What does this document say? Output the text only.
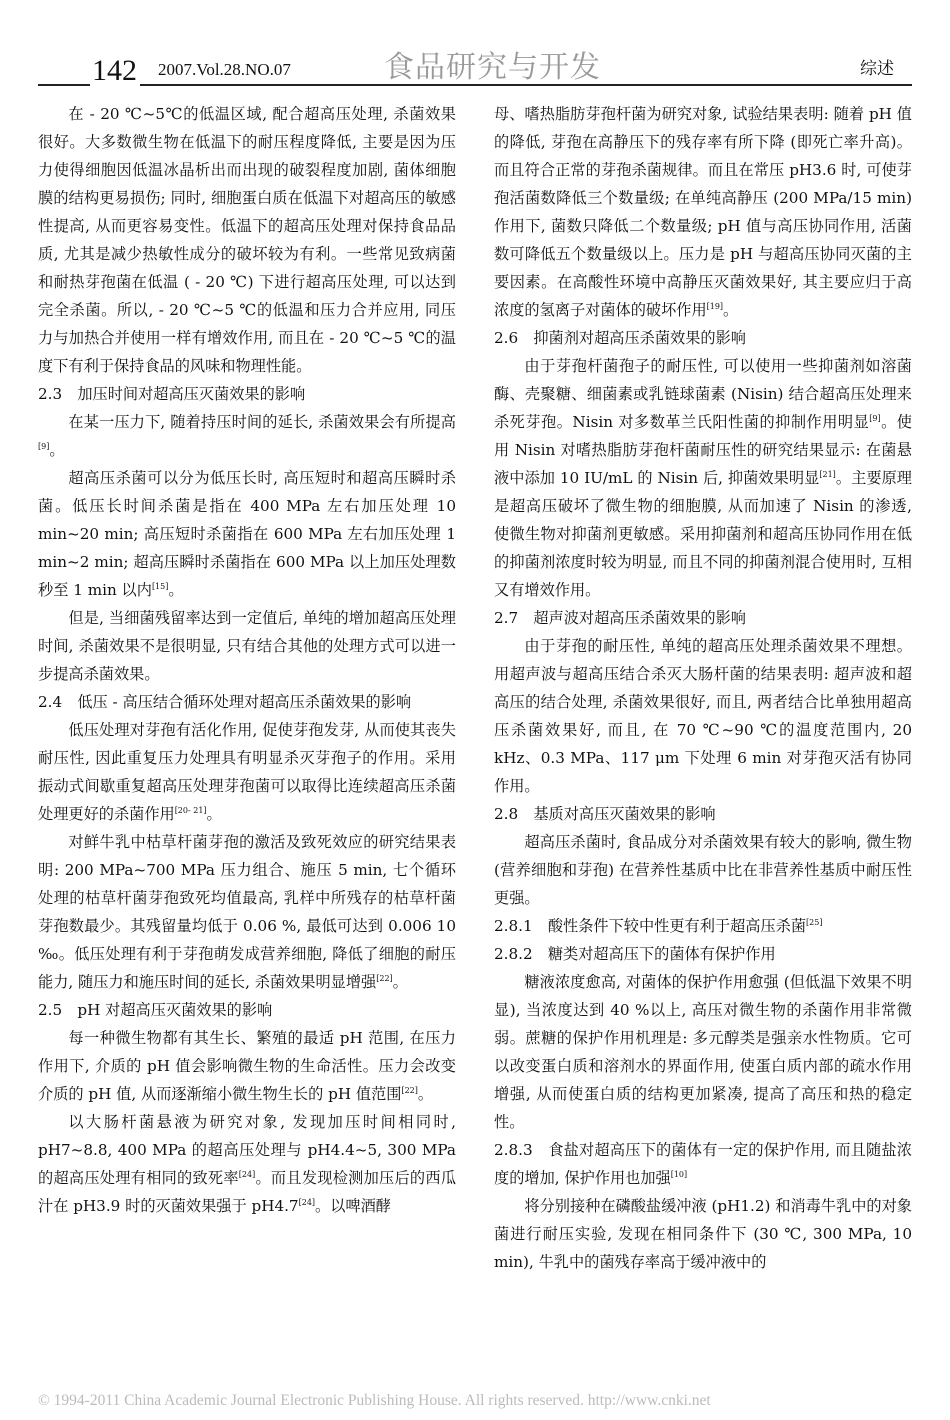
142 2007.Vol.28.NO.07	食品研究与开发	综述

在 - 20 ℃~5℃的低温区域, 配合超高压处理, 杀菌效果很好。大多数微生物在低温下的耐压程度降低, 主要是因为压力使得细胞因低温冰晶析出而出现的破裂程度加剧, 菌体细胞膜的结构更易损伤; 同时, 细胞蛋白质在低温下对超高压的敏感性提高, 从而更容易变性。低温下的超高压处理对保持食品品质, 尤其是减少热敏性成分的破坏较为有利。一些常见致病菌和耐热芽孢菌在低温 ( - 20 ℃) 下进行超高压处理, 可以达到完全杀菌。所以, - 20 ℃~5 ℃的低温和压力合并应用, 同压力与加热合并使用一样有增效作用, 而且在 - 20 ℃~5 ℃的温度下有利于保持食品的风味和物理性能。

2.3　加压时间对超高压灭菌效果的影响

在某一压力下, 随着持压时间的延长, 杀菌效果会有所提高[9]。

超高压杀菌可以分为低压长时, 高压短时和超高压瞬时杀菌。低压长时间杀菌是指在 400 MPa 左右加压处理 10 min~20 min; 高压短时杀菌指在 600 MPa 左右加压处理 1 min~2 min; 超高压瞬时杀菌指在 600 MPa 以上加压处理数秒至 1 min 以内[15]。

但是, 当细菌残留率达到一定值后, 单纯的增加超高压处理时间, 杀菌效果不是很明显, 只有结合其他的处理方式可以进一步提高杀菌效果。

2.4　低压 - 高压结合循环处理对超高压杀菌效果的影响

低压处理对芽孢有活化作用, 促使芽孢发芽, 从而使其丧失耐压性, 因此重复压力处理具有明显杀灭芽孢子的作用。采用振动式间歇重复超高压处理芽孢菌可以取得比连续超高压杀菌处理更好的杀菌作用[20- 21]。

对鲜牛乳中枯草杆菌芽孢的激活及致死效应的研究结果表明: 200 MPa~700 MPa 压力组合、施压 5 min, 七个循环处理的枯草杆菌芽孢致死均值最高, 乳样中所残存的枯草杆菌芽孢数最少。其残留量均低于 0.06 %, 最低可达到 0.006 10 ‰。低压处理有利于芽孢萌发成营养细胞, 降低了细胞的耐压能力, 随压力和施压时间的延长, 杀菌效果明显增强[22]。

2.5　pH 对超高压灭菌效果的影响

每一种微生物都有其生长、繁殖的最适 pH 范围, 在压力作用下, 介质的 pH 值会影响微生物的生命活性。压力会改变介质的 pH 值, 从而逐渐缩小微生物生长的 pH 值范围[22]。

以大肠杆菌悬液为研究对象, 发现加压时间相同时, pH7~8.8, 400 MPa 的超高压处理与 pH4.4~5, 300 MPa 的超高压处理有相同的致死率[24]。而且发现检测加压后的西瓜汁在 pH3.9 时的灭菌效果强于 pH4.7[24]。以啤酒酵

母、嗜热脂肪芽孢杆菌为研究对象, 试验结果表明: 随着 pH 值的降低, 芽孢在高静压下的残存率有所下降 (即死亡率升高)。而且符合正常的芽孢杀菌规律。而且在常压 pH3.6 时, 可使芽孢活菌数降低三个数量级; 在单纯高静压 (200 MPa/15 min) 作用下, 菌数只降低二个数量级; pH 值与高压协同作用, 活菌数可降低五个数量级以上。压力是 pH 与超高压协同灭菌的主要因素。在高酸性环境中高静压灭菌效果好, 其主要应归于高浓度的氢离子对菌体的破坏作用[19]。

2.6　抑菌剂对超高压杀菌效果的影响

由于芽孢杆菌孢子的耐压性, 可以使用一些抑菌剂如溶菌酶、壳聚糖、细菌素或乳链球菌素 (Nisin) 结合超高压处理来杀死芽孢。Nisin 对多数革兰氏阳性菌的抑制作用明显[9]。使用 Nisin 对嗜热脂肪芽孢杆菌耐压性的研究结果显示: 在菌悬液中添加 10 IU/mL 的 Nisin 后, 抑菌效果明显[21]。主要原理是超高压破坏了微生物的细胞膜, 从而加速了 Nisin 的渗透, 使微生物对抑菌剂更敏感。采用抑菌剂和超高压协同作用在低的抑菌剂浓度时较为明显, 而且不同的抑菌剂混合使用时, 互相又有增效作用。

2.7　超声波对超高压杀菌效果的影响

由于芽孢的耐压性, 单纯的超高压处理杀菌效果不理想。用超声波与超高压结合杀灭大肠杆菌的结果表明: 超声波和超高压的结合处理, 杀菌效果很好, 而且, 两者结合比单独用超高压杀菌效果好, 而且, 在 70 ℃~90 ℃的温度范围内, 20 kHz、0.3 MPa、117 μm 下处理 6 min 对芽孢灭活有协同作用。

2.8　基质对高压灭菌效果的影响

超高压杀菌时, 食品成分对杀菌效果有较大的影响, 微生物 (营养细胞和芽孢) 在营养性基质中比在非营养性基质中耐压性更强。

2.8.1　酸性条件下较中性更有利于超高压杀菌[25]

2.8.2　糖类对超高压下的菌体有保护作用

糖液浓度愈高, 对菌体的保护作用愈强 (但低温下效果不明显), 当浓度达到 40 %以上, 高压对微生物的杀菌作用非常微弱。蔗糖的保护作用机理是: 多元醇类是强亲水性物质。它可以改变蛋白质和溶剂水的界面作用, 使蛋白质内部的疏水作用增强, 从而使蛋白质的结构更加紧凑, 提高了高压和热的稳定性。

2.8.3　食盐对超高压下的菌体有一定的保护作用, 而且随盐浓度的增加, 保护作用也加强[10]

将分别接种在磷酸盐缓冲液 (pH1.2) 和消毒牛乳中的对象菌进行耐压实验, 发现在相同条件下 (30 ℃, 300 MPa, 10 min), 牛乳中的菌残存率高于缓冲液中的

© 1994-2011 China Academic Journal Electronic Publishing House. All rights reserved. http://www.cnki.net
